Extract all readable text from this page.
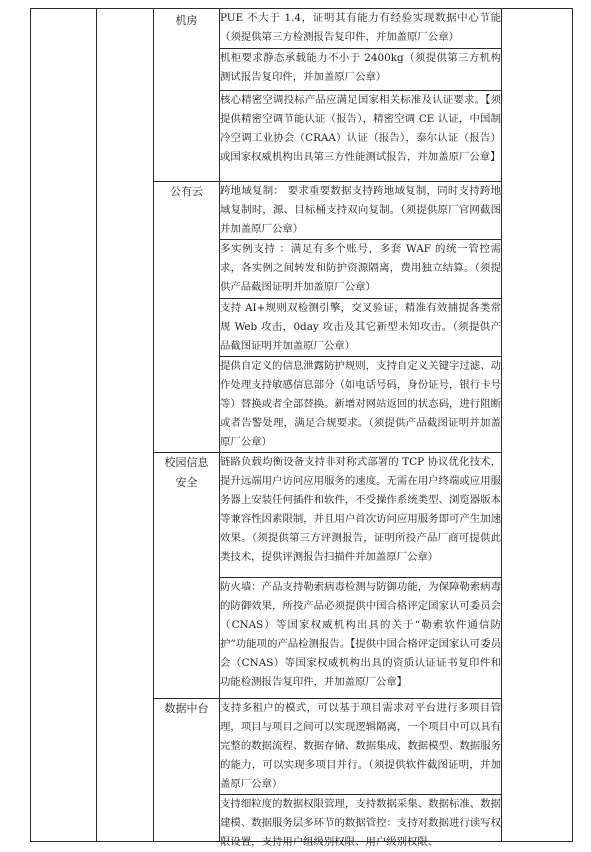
		机房	PUE 不大于 1.4，证明其有能力有经验实现数据中心节能（须提供第三方检测报告复印件，并加盖原厂公章）	
			机柜要求静态承载能力不小于 2400kg（须提供第三方机构测试报告复印件，并加盖原厂公章）	
			核心精密空调投标产品应满足国家相关标准及认证要求。【须提供精密空调节能认证（报告），精密空调 CE 认证，中国制冷空调工业协会（CRAA）认证（报告），泰尔认证（报告）或国家权威机构出具第三方性能测试报告，并加盖原厂公章】	
		公有云	跨地域复制： 要求重要数据支持跨地域复制，同时支持跨地域复制时，源、目标桶支持双向复制。（须提供原厂官网截图并加盖原厂公章）	
			多实例支持 ：满足有多个账号，多套 WAF 的统一管控需求，各实例之间转发和防护资源隔离，费用独立结算。（须提供产品截图证明并加盖原厂公章）	
			支持 AI+规则双检测引擎，交叉验证，精准有效捕捉各类常规 Web 攻击，0day 攻击及其它新型未知攻击。（须提供产品截图证明并加盖原厂公章）	
			提供自定义的信息泄露防护规则，支持自定义关键字过滤、动作处理支持敏感信息部分（如电话号码，身份证号，银行卡号等）替换或者全部替换。新增对网站返回的状态码，进行阻断或者告警处理，满足合规要求。（须提供产品截图证明并加盖原厂公章）	
		校园信息安全	链路负载均衡设备支持非对称式部署的 TCP 协议优化技术，提升远端用户访问应用服务的速度。无需在用户终端或应用服务器上安装任何插件和软件，不受操作系统类型、浏览器版本等兼容性因素限制，并且用户首次访问应用服务即可产生加速效果。（须提供第三方评测报告，证明所投产品厂商可提供此类技术，提供评测报告扫描件并加盖原厂公章）	
			防火墙：产品支持勒索病毒检测与防御功能，为保障勒索病毒的防御效果，所投产品必须提供中国合格评定国家认可委员会（CNAS）等国家权威机构出具的关于“勒索软件通信防护”功能项的产品检测报告。【提供中国合格评定国家认可委员会（CNAS）等国家权威机构出具的资质认证证书复印件和功能检测报告复印件，并加盖原厂公章】	
		数据中台	支持多租户的模式，可以基于项目需求对平台进行多项目管理，项目与项目之间可以实现逻辑隔离，一个项目中可以具有完整的数据流程、数据存储、数据集成、数据模型、数据服务的能力，可以实现多项目并行。（须提供软件截图证明，并加盖原厂公章）	

			支持细粒度的数据权限管理，支持数据采集、数据标准、数据建模、数据服务层多环节的数据管控：支持对数据进行读写权限设置，支持用户组级别权限、用户级别权限、	
